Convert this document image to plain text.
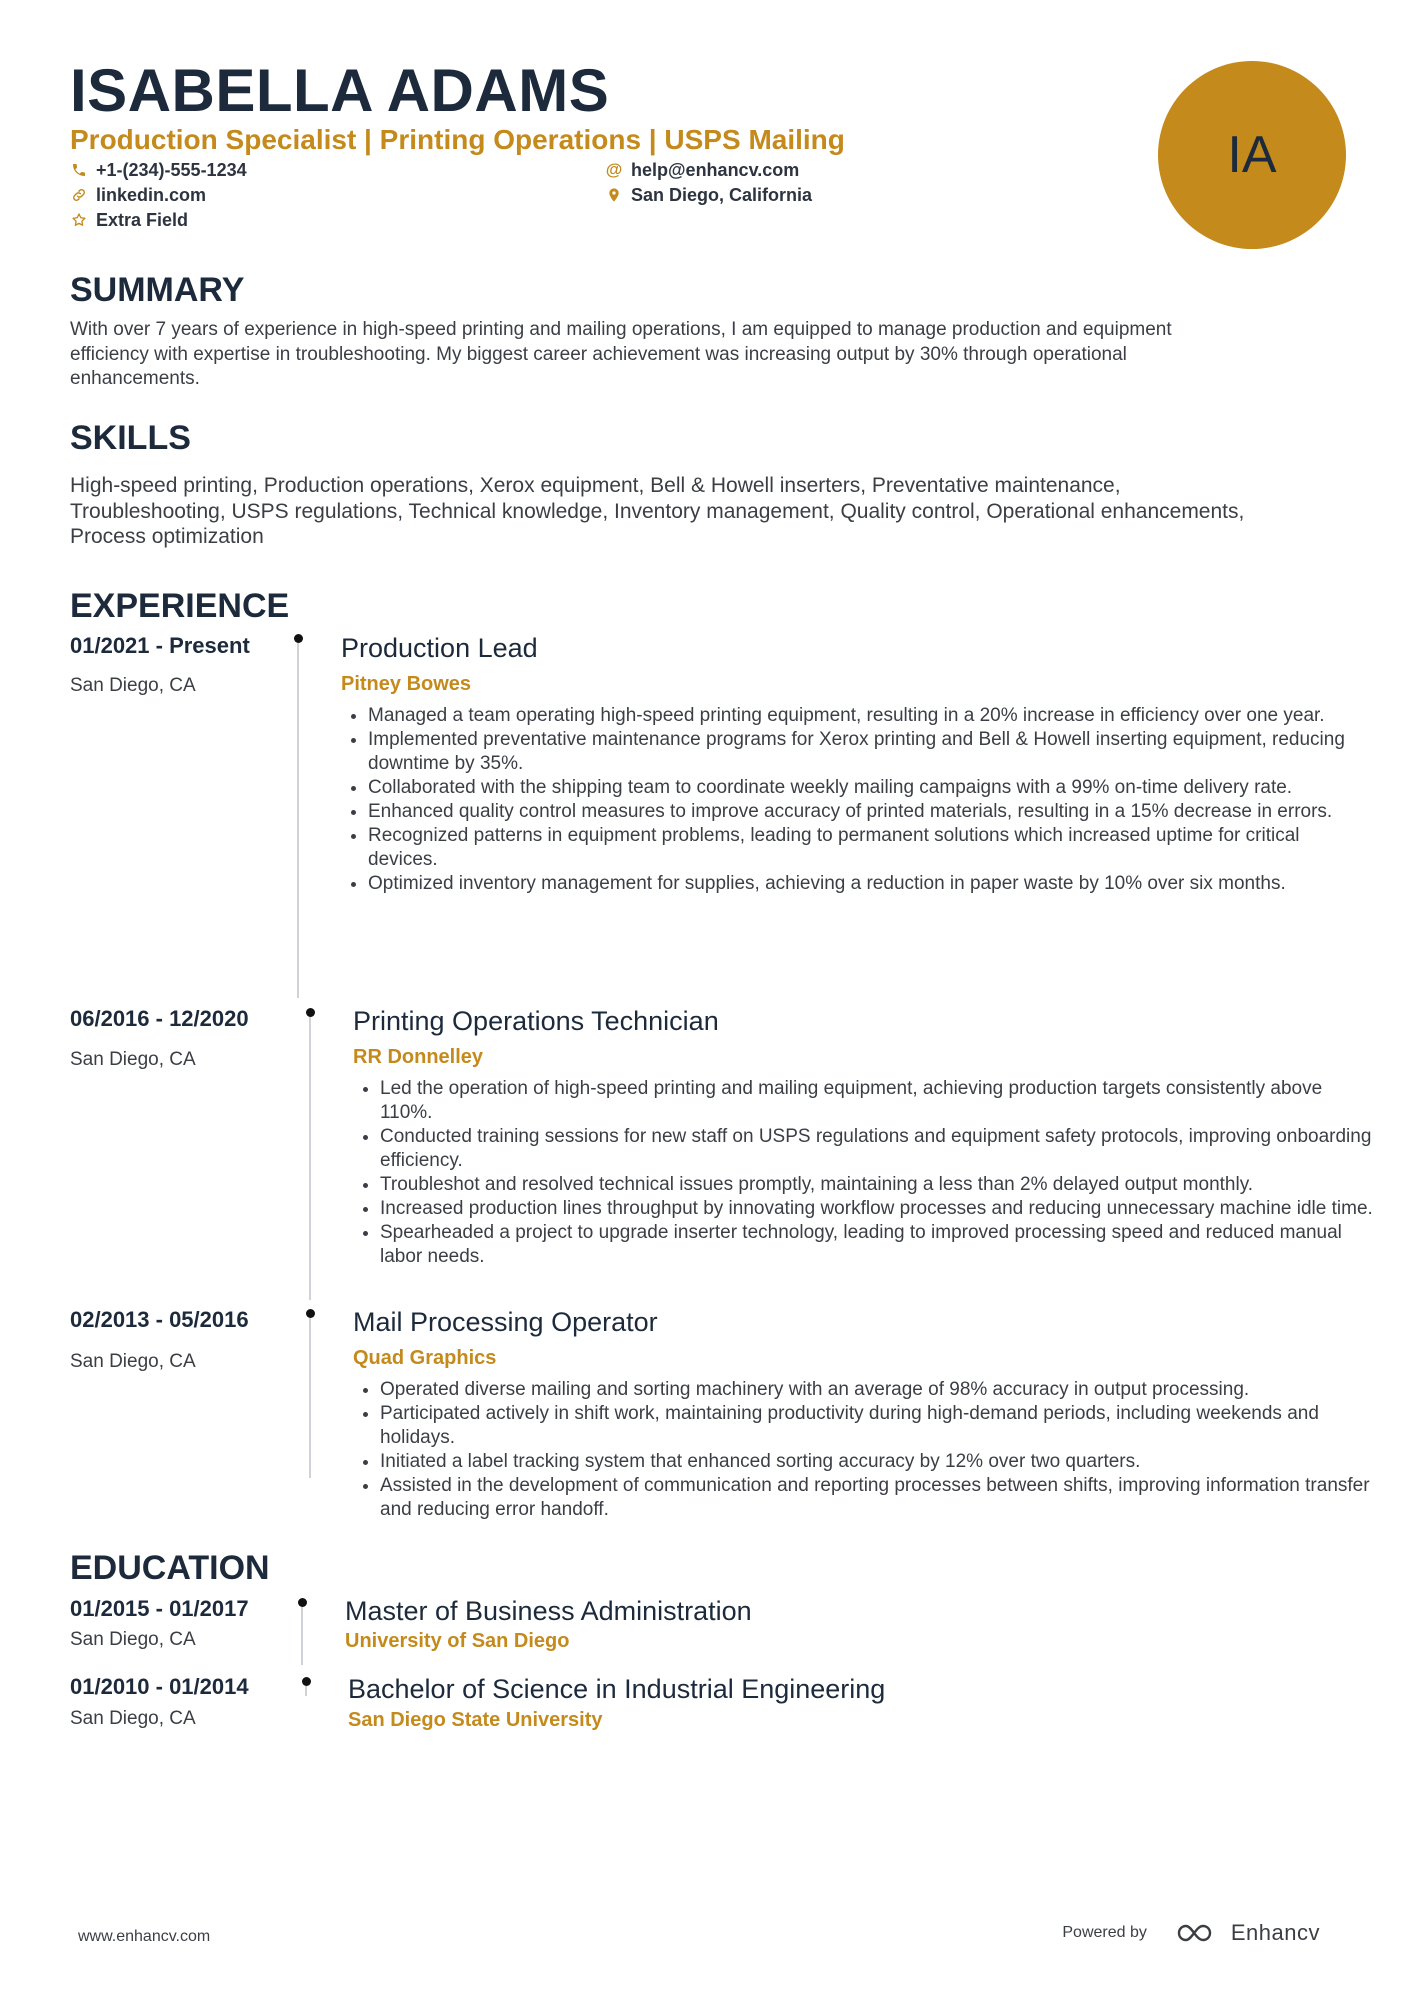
ISABELLA ADAMS
Production Specialist | Printing Operations | USPS Mailing
+1-(234)-555-1234
linkedin.com
Extra Field
@ help@enhancv.com
San Diego, California
IA
SUMMARY

With over 7 years of experience in high-speed printing and mailing operations, I am equipped to manage production and equipment
efficiency with expertise in troubleshooting. My biggest career achievement was increasing output by 30% through operational
enhancements.

SKILLS

High-speed printing, Production operations, Xerox equipment, Bell & Howell inserters, Preventative maintenance,
Troubleshooting, USPS regulations, Technical knowledge, Inventory management, Quality control, Operational enhancements,
Process optimization

EXPERIENCE
01/2021 - Present
San Diego, CA
Production Lead
Pitney Bowes
• Managed a team operating high-speed printing equipment, resulting in a 20% increase in efficiency over one year.
• Implemented preventative maintenance programs for Xerox printing and Bell & Howell inserting equipment, reducing downtime by 35%.
• Collaborated with the shipping team to coordinate weekly mailing campaigns with a 99% on-time delivery rate.
• Enhanced quality control measures to improve accuracy of printed materials, resulting in a 15% decrease in errors.
• Recognized patterns in equipment problems, leading to permanent solutions which increased uptime for critical devices.
• Optimized inventory management for supplies, achieving a reduction in paper waste by 10% over six months.
06/2016 - 12/2020
San Diego, CA
Printing Operations Technician
RR Donnelley
• Led the operation of high-speed printing and mailing equipment, achieving production targets consistently above 110%.
• Conducted training sessions for new staff on USPS regulations and equipment safety protocols, improving onboarding efficiency.
• Troubleshot and resolved technical issues promptly, maintaining a less than 2% delayed output monthly.
• Increased production lines throughput by innovating workflow processes and reducing unnecessary machine idle time.
• Spearheaded a project to upgrade inserter technology, leading to improved processing speed and reduced manual labor needs.
02/2013 - 05/2016
San Diego, CA
Mail Processing Operator
Quad Graphics
• Operated diverse mailing and sorting machinery with an average of 98% accuracy in output processing.
• Participated actively in shift work, maintaining productivity during high-demand periods, including weekends and holidays.
• Initiated a label tracking system that enhanced sorting accuracy by 12% over two quarters.
• Assisted in the development of communication and reporting processes between shifts, improving information transfer and reducing error handoff.
EDUCATION
01/2015 - 01/2017
San Diego, CA
Master of Business Administration
University of San Diego
01/2010 - 01/2014
San Diego, CA
Bachelor of Science in Industrial Engineering
San Diego State University
www.enhancv.com	Powered by	Enhancv
